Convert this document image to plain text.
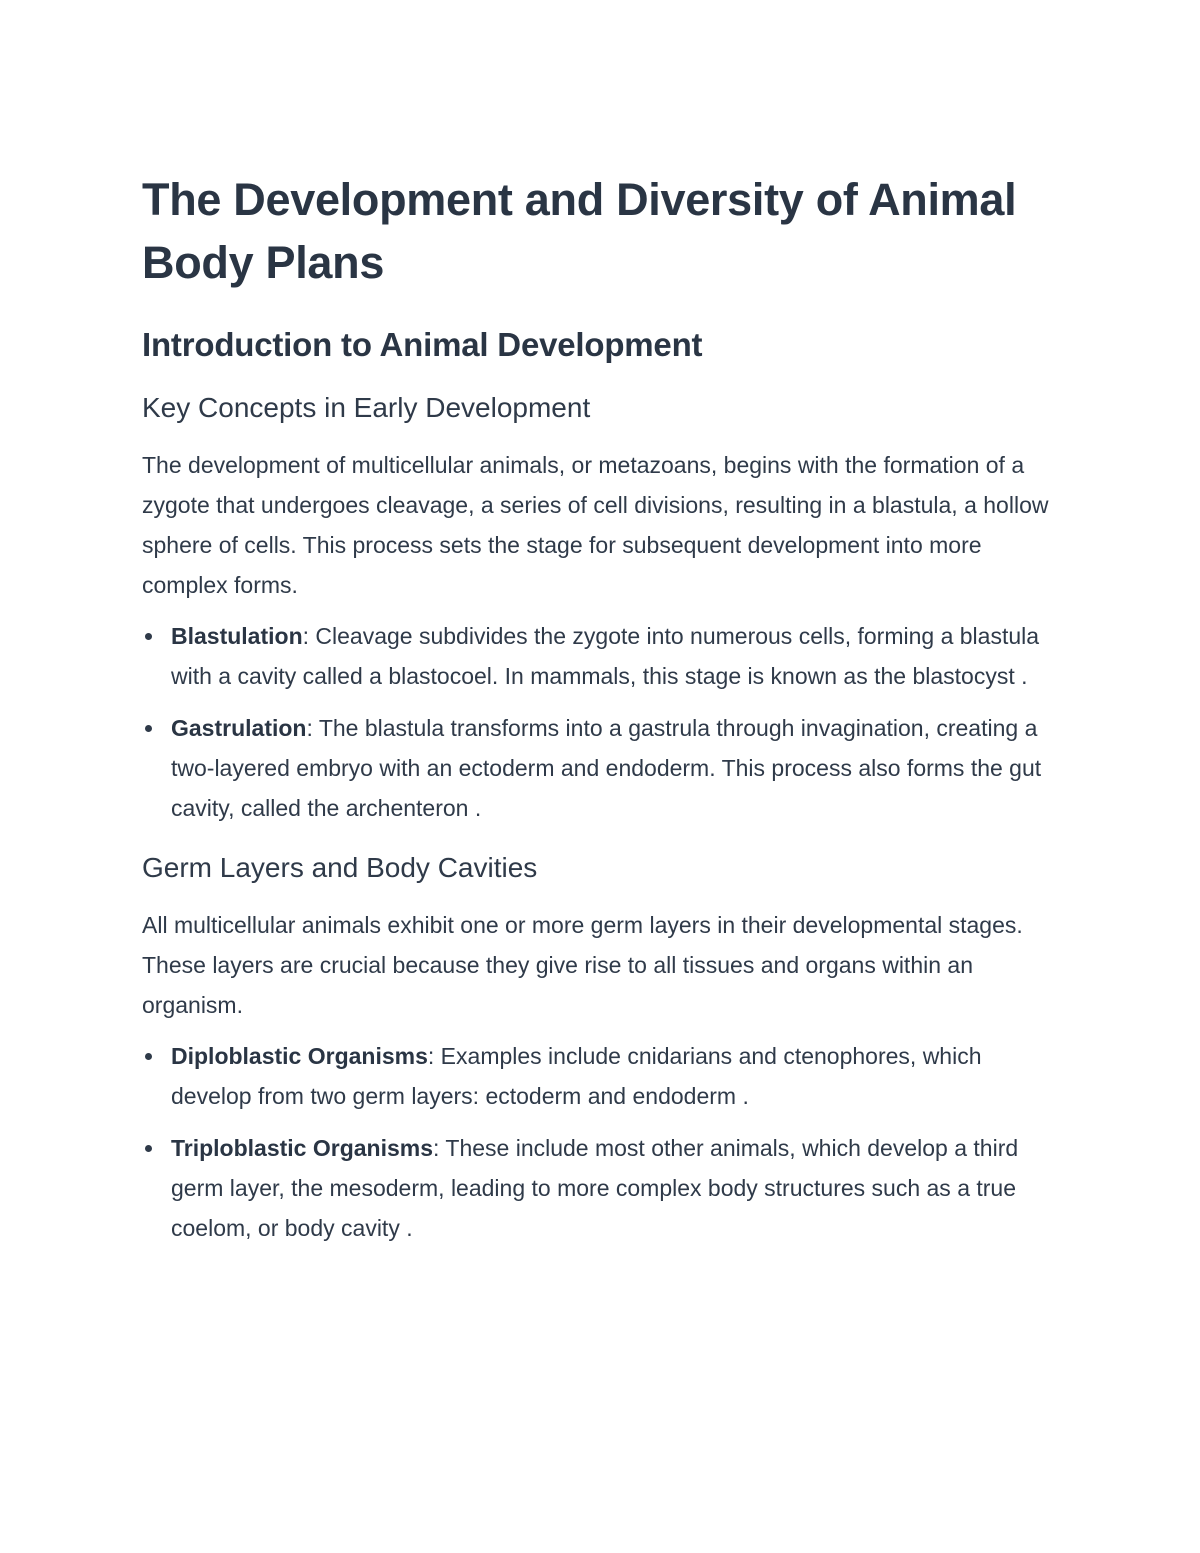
The Development and Diversity of Animal Body Plans
Introduction to Animal Development
Key Concepts in Early Development

The development of multicellular animals, or metazoans, begins with the formation of a zygote that undergoes cleavage, a series of cell divisions, resulting in a blastula, a hollow sphere of cells. This process sets the stage for subsequent development into more complex forms.

Blastulation: Cleavage subdivides the zygote into numerous cells, forming a blastula with a cavity called a blastocoel. In mammals, this stage is known as the blastocyst .
Gastrulation: The blastula transforms into a gastrula through invagination, creating a two-layered embryo with an ectoderm and endoderm. This process also forms the gut cavity, called the archenteron .
Germ Layers and Body Cavities

All multicellular animals exhibit one or more germ layers in their developmental stages. These layers are crucial because they give rise to all tissues and organs within an organism.

Diploblastic Organisms: Examples include cnidarians and ctenophores, which develop from two germ layers: ectoderm and endoderm .
Triploblastic Organisms: These include most other animals, which develop a third germ layer, the mesoderm, leading to more complex body structures such as a true coelom, or body cavity .
